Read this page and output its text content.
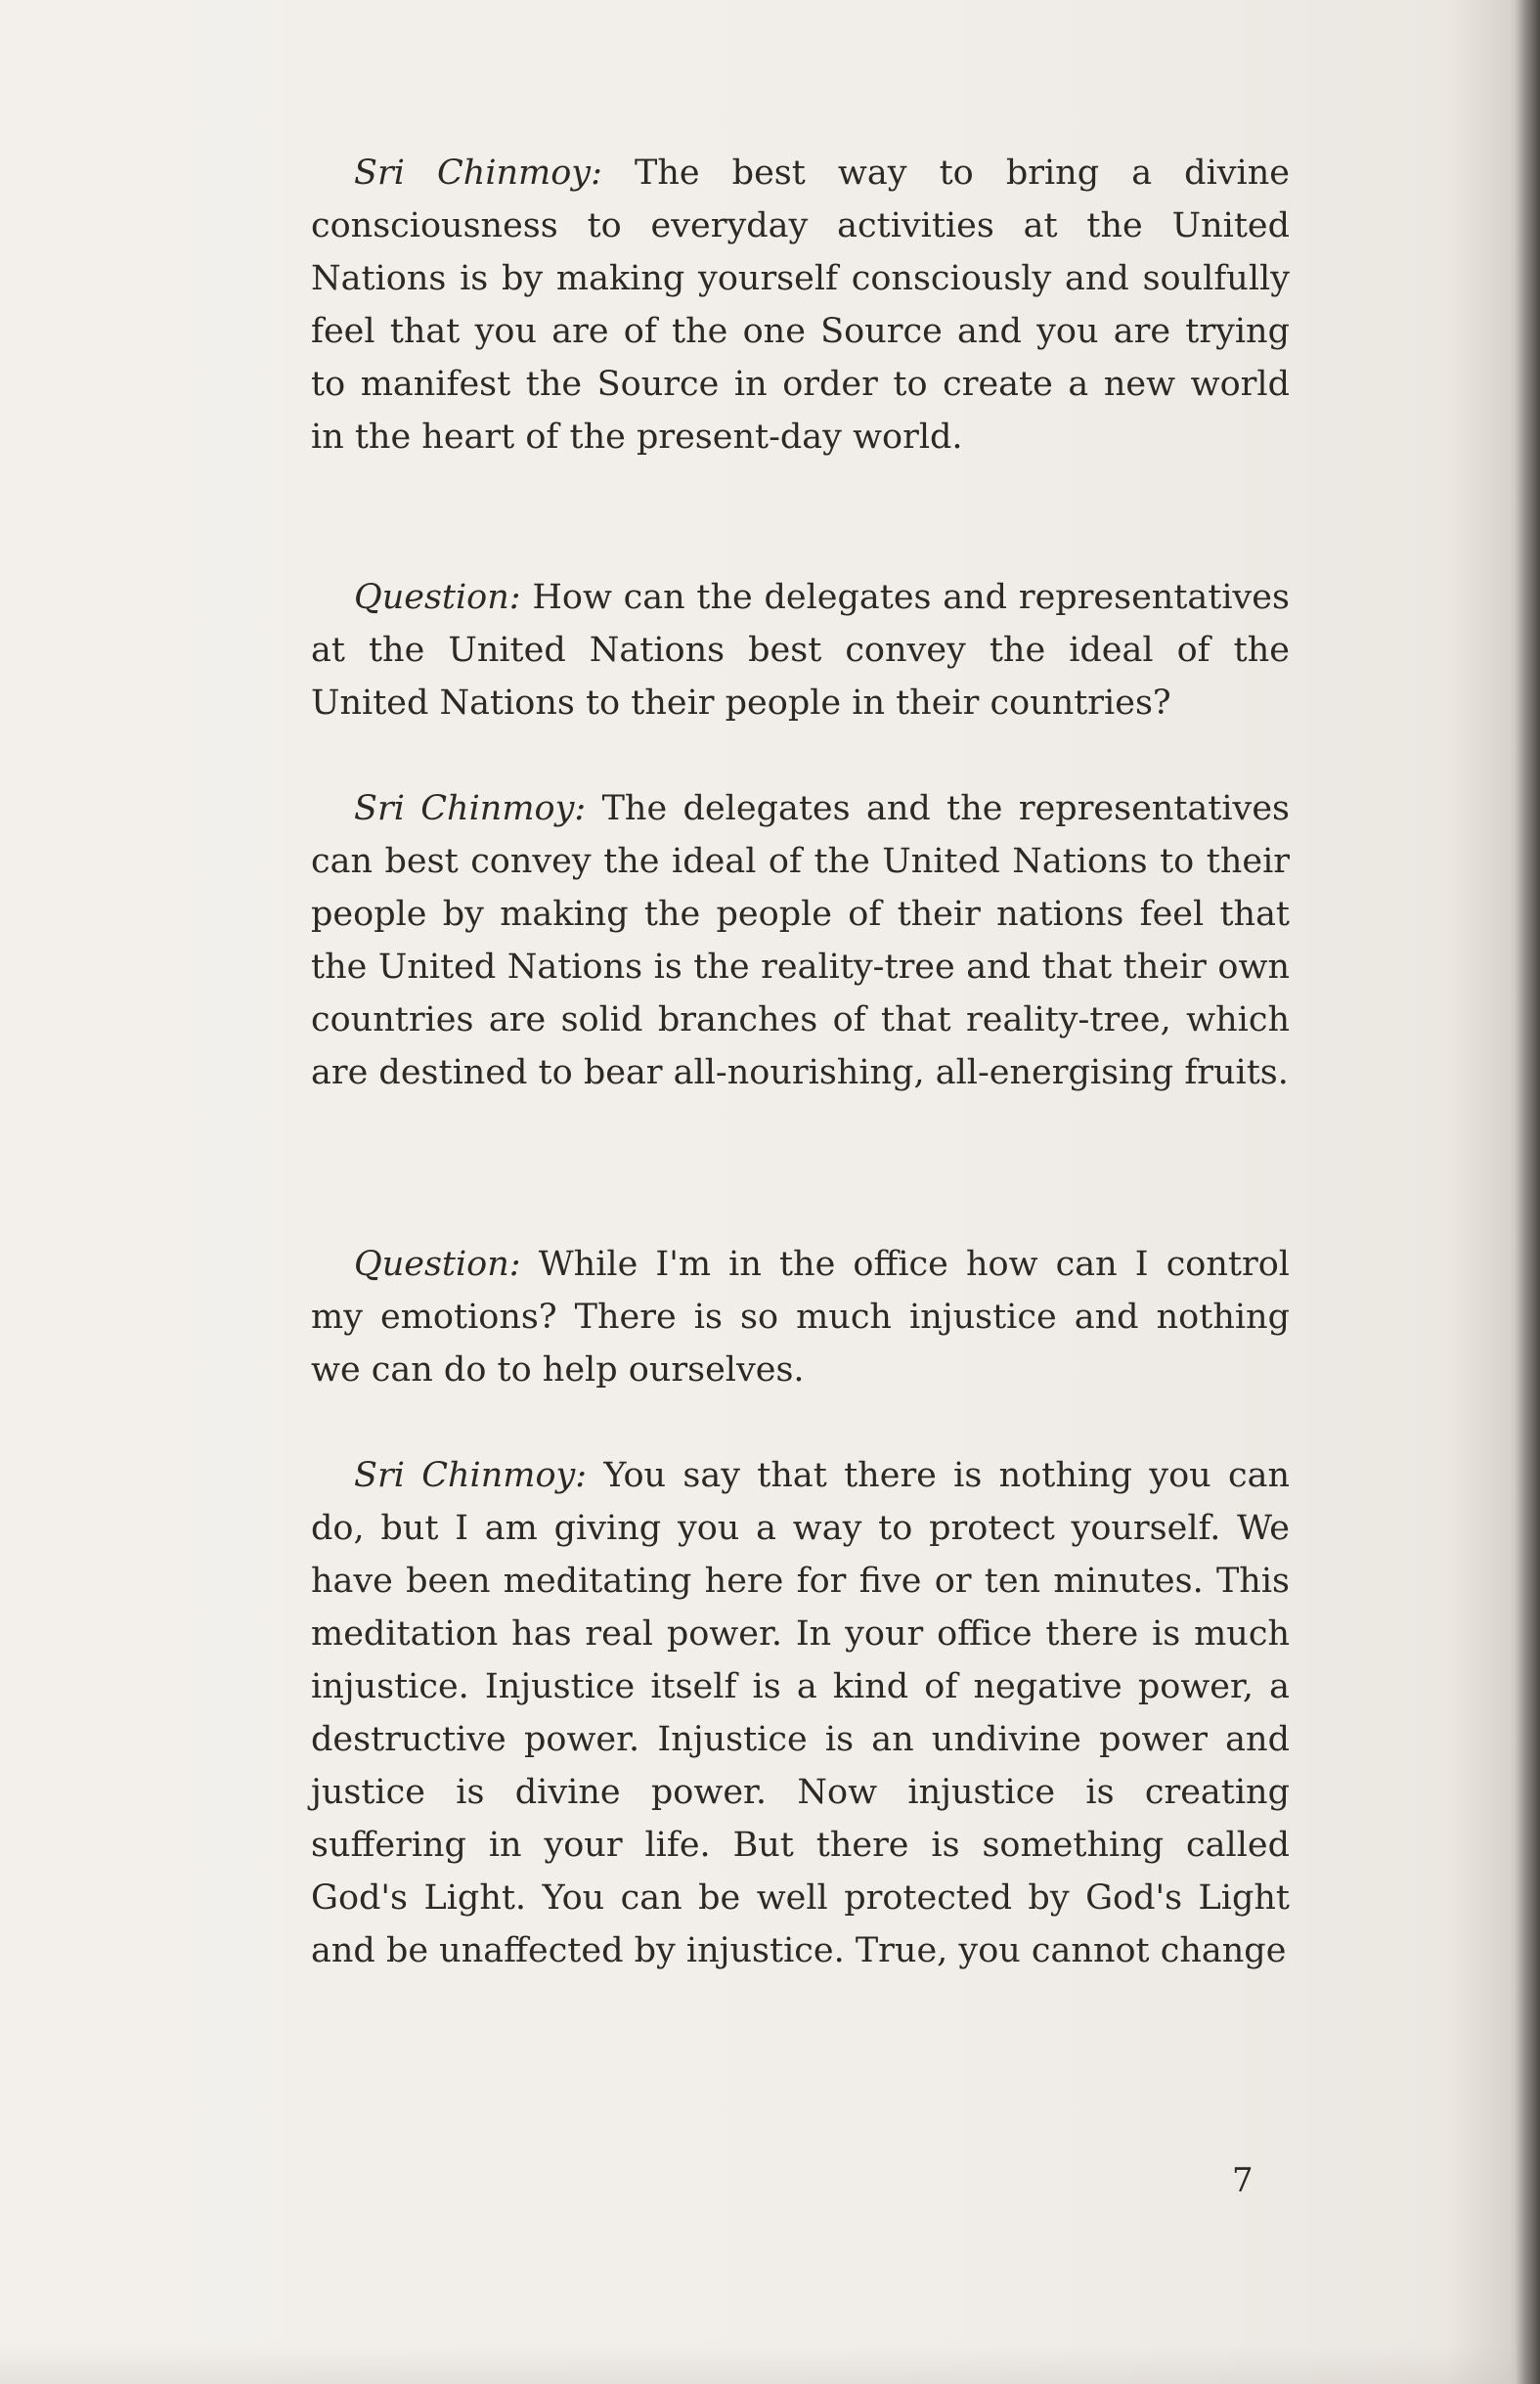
Sri Chinmoy: The best way to bring a divine consciousness to everyday activities at the United Nations is by making yourself consciously and soulfully feel that you are of the one Source and you are trying to manifest the Source in order to create a new world in the heart of the present-day world.

Question: How can the delegates and representatives at the United Nations best convey the ideal of the United Nations to their people in their countries?

Sri Chinmoy: The delegates and the representatives can best convey the ideal of the United Nations to their people by making the people of their nations feel that the United Nations is the reality-tree and that their own countries are solid branches of that reality-tree, which are destined to bear all-nourishing, all-energising fruits.

Question: While I'm in the office how can I control my emotions? There is so much injustice and nothing we can do to help ourselves.

Sri Chinmoy: You say that there is nothing you can do, but I am giving you a way to protect yourself. We have been meditating here for five or ten minutes. This meditation has real power. In your office there is much injustice. Injustice itself is a kind of negative power, a destructive power. Injustice is an undivine power and justice is divine power. Now injustice is creating suffering in your life. But there is something called God's Light. You can be well protected by God's Light and be unaffected by injustice. True, you cannot change

7
